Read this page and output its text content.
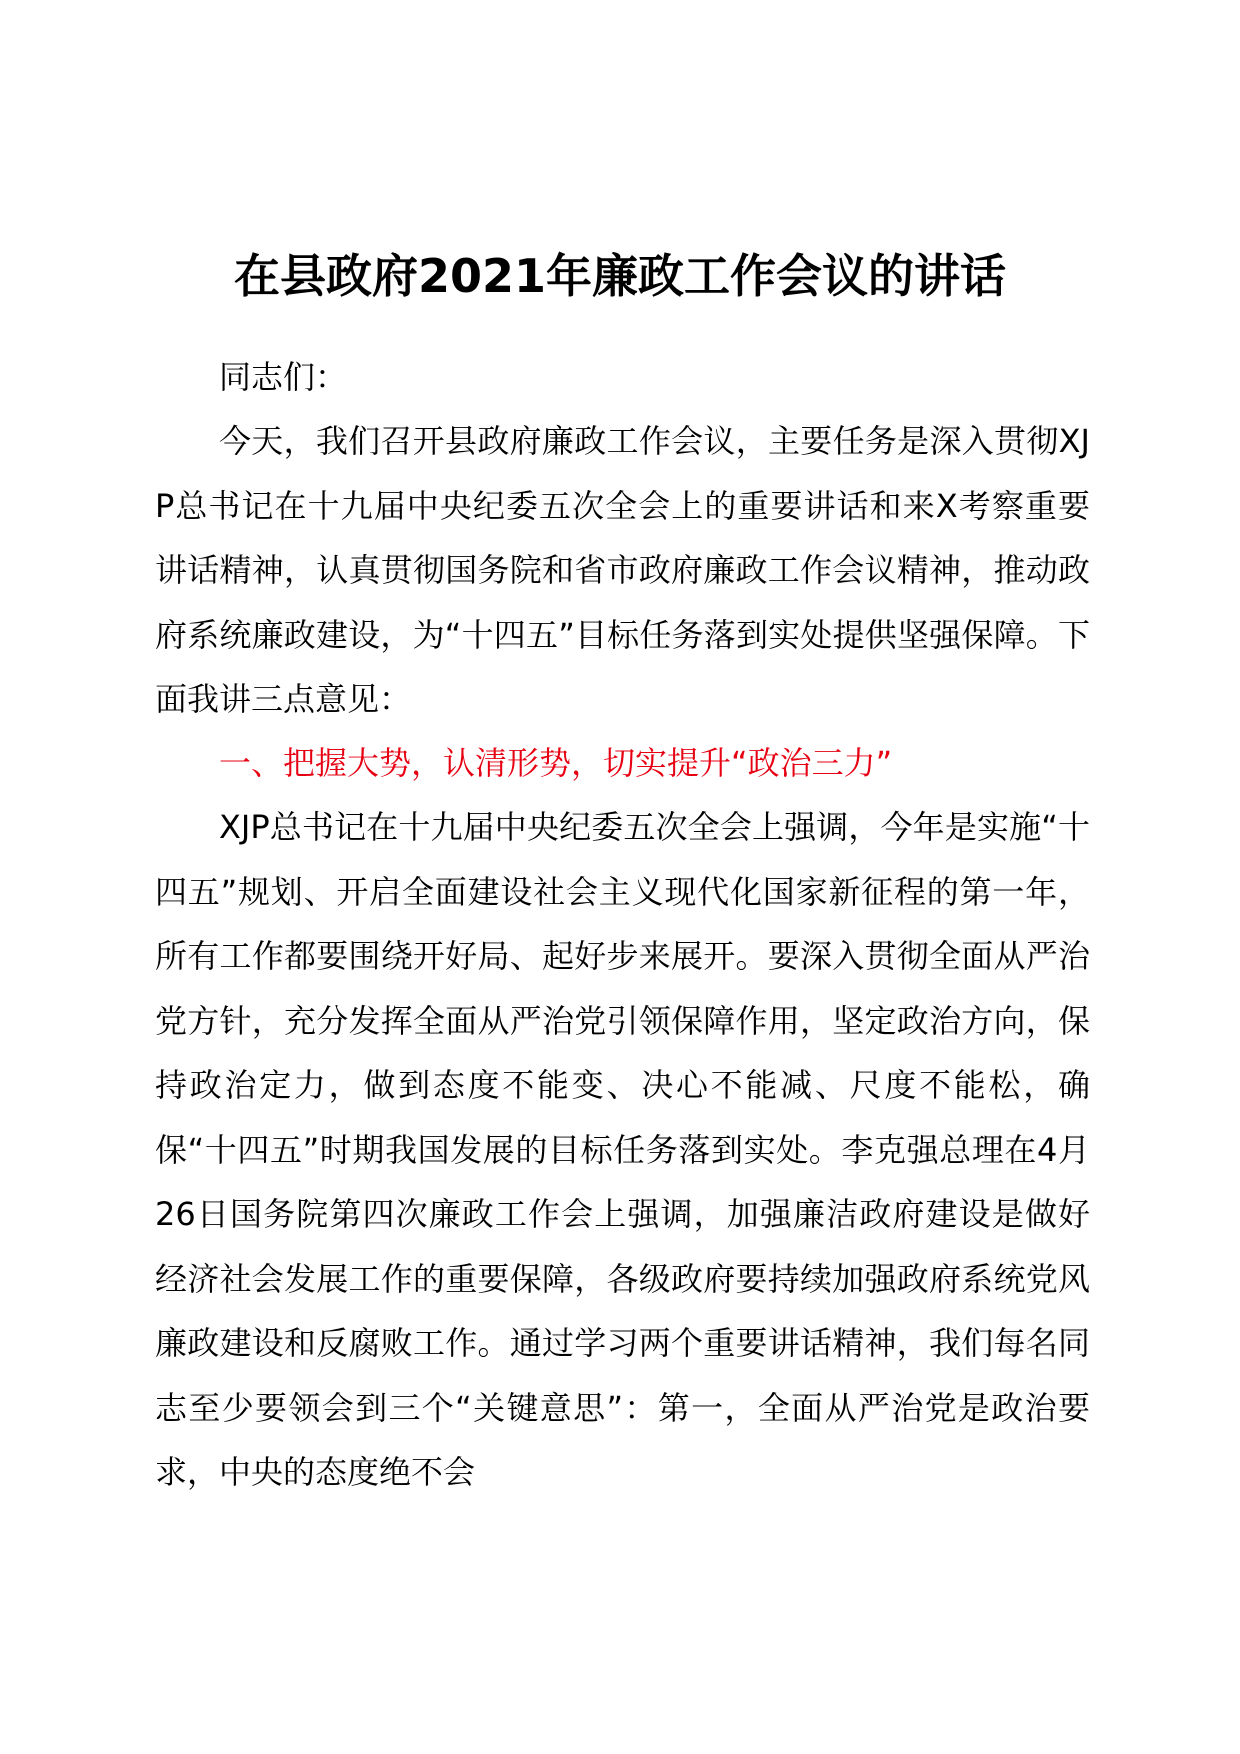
在县政府2021年廉政工作会议的讲话
同志们：
今天，我们召开县政府廉政工作会议，主要任务是深入贯彻XJP总书记在十九届中央纪委五次全会上的重要讲话和来X考察重要讲话精神，认真贯彻国务院和省市政府廉政工作会议精神，推动政府系统廉政建设，为“十四五”目标任务落到实处提供坚强保障。下面我讲三点意见：
一、把握大势，认清形势，切实提升“政治三力”
XJP总书记在十九届中央纪委五次全会上强调，今年是实施“十四五”规划、开启全面建设社会主义现代化国家新征程的第一年，所有工作都要围绕开好局、起好步来展开。要深入贯彻全面从严治党方针，充分发挥全面从严治党引领保障作用，坚定政治方向，保持政治定力，做到态度不能变、决心不能减、尺度不能松，确保“十四五”时期我国发展的目标任务落到实处。李克强总理在4月26日国务院第四次廉政工作会上强调，加强廉洁政府建设是做好经济社会发展工作的重要保障，各级政府要持续加强政府系统党风廉政建设和反腐败工作。通过学习两个重要讲话精神，我们每名同志至少要领会到三个“关键意思”：第一，全面从严治党是政治要求，中央的态度绝不会
